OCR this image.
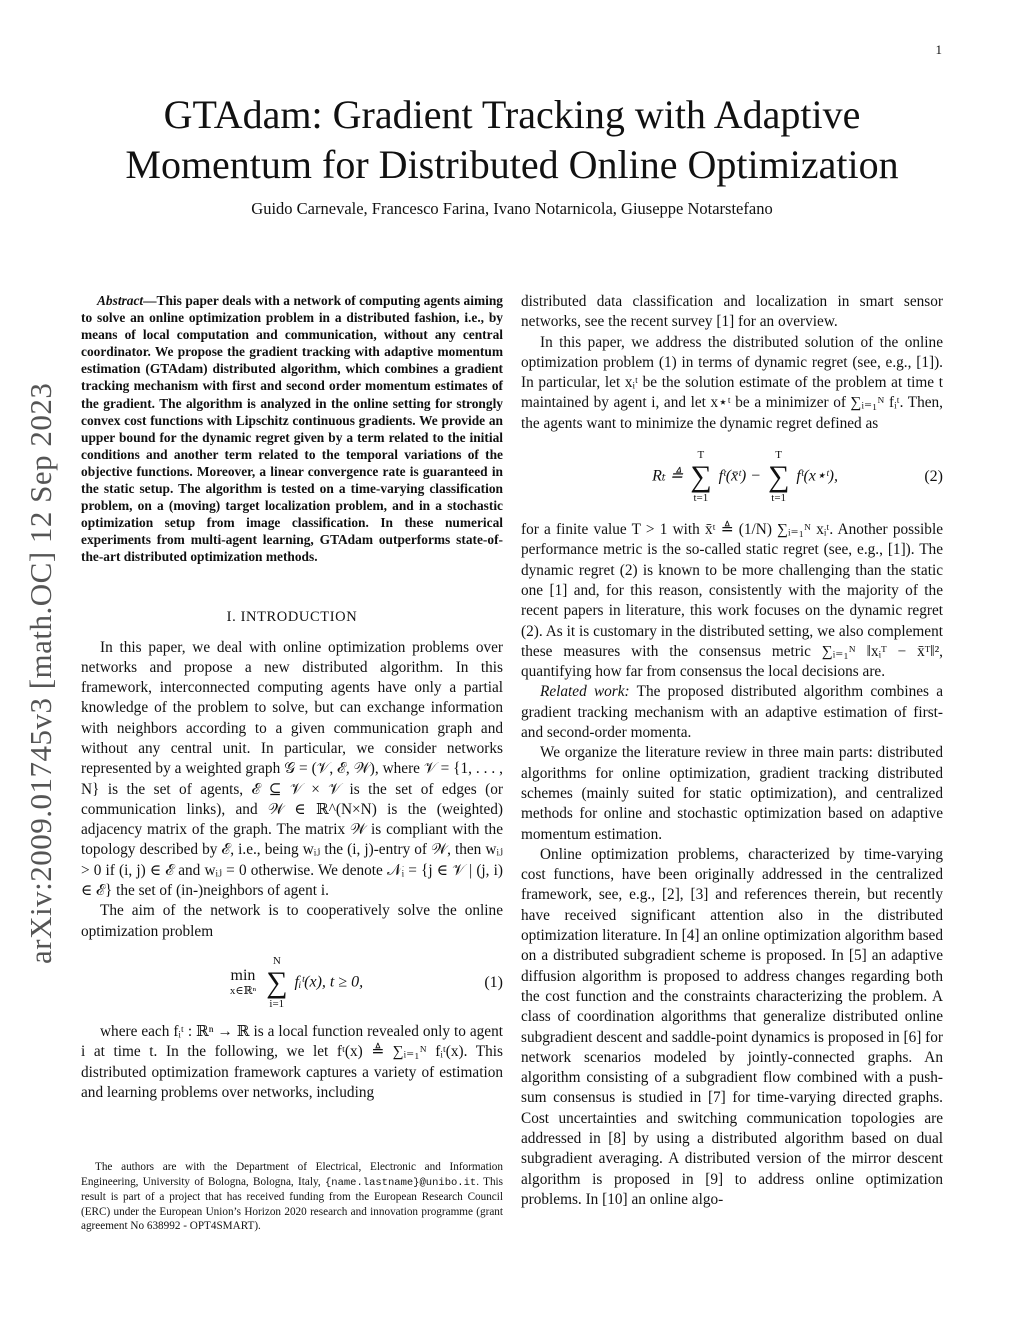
1
arXiv:2009.01745v3 [math.OC] 12 Sep 2023
GTAdam: Gradient Tracking with Adaptive Momentum for Distributed Online Optimization
Guido Carnevale, Francesco Farina, Ivano Notarnicola, Giuseppe Notarstefano

Abstract—This paper deals with a network of computing agents aiming to solve an online optimization problem in a distributed fashion, i.e., by means of local computation and communication, without any central coordinator. We propose the gradient tracking with adaptive momentum estimation (GTAdam) distributed algorithm, which combines a gradient tracking mechanism with first and second order momentum estimates of the gradient. The algorithm is analyzed in the online setting for strongly convex cost functions with Lipschitz continuous gradients. We provide an upper bound for the dynamic regret given by a term related to the initial conditions and another term related to the temporal variations of the objective functions. Moreover, a linear convergence rate is guaranteed in the static setup. The algorithm is tested on a time-varying classification problem, on a (moving) target localization problem, and in a stochastic optimization setup from image classification. In these numerical experiments from multi-agent learning, GTAdam outperforms state-of-the-art distributed optimization methods.

I. INTRODUCTION

In this paper, we deal with online optimization problems over networks and propose a new distributed algorithm. In this framework, interconnected computing agents have only a partial knowledge of the problem to solve, but can exchange information with neighbors according to a given communication graph and without any central unit. In particular, we consider networks represented by a weighted graph 𝒢 = (𝒱, ℰ, 𝒲), where 𝒱 = {1, . . . , N} is the set of agents, ℰ ⊆ 𝒱 × 𝒱 is the set of edges (or communication links), and 𝒲 ∈ ℝ^(N×N) is the (weighted) adjacency matrix of the graph. The matrix 𝒲 is compliant with the topology described by ℰ, i.e., being wᵢⱼ the (i, j)-entry of 𝒲, then wᵢⱼ > 0 if (i, j) ∈ ℰ and wᵢⱼ = 0 otherwise. We denote 𝒩ᵢ = {j ∈ 𝒱 | (j, i) ∈ ℰ} the set of (in-)neighbors of agent i.

The aim of the network is to cooperatively solve the online optimization problem

min
x∈ℝⁿ

N
∑
i=1
fᵢᵗ(x), t ≥ 0,	(1)

where each fᵢᵗ : ℝⁿ → ℝ is a local function revealed only to agent i at time t. In the following, we let fᵗ(x) ≜ ∑ᵢ₌₁ᴺ fᵢᵗ(x). This distributed optimization framework captures a variety of estimation and learning problems over networks, including

The authors are with the Department of Electrical, Electronic and Information Engineering, University of Bologna, Bologna, Italy, {name.lastname}@unibo.it. This result is part of a project that has received funding from the European Research Council (ERC) under the European Union’s Horizon 2020 research and innovation programme (grant agreement No 638992 - OPT4SMART).

distributed data classification and localization in smart sensor networks, see the recent survey [1] for an overview.

In this paper, we address the distributed solution of the online optimization problem (1) in terms of dynamic regret (see, e.g., [1]). In particular, let xᵢᵗ be the solution estimate of the problem at time t maintained by agent i, and let x⋆ᵗ be a minimizer of ∑ᵢ₌₁ᴺ fᵢᵗ. Then, the agents want to minimize the dynamic regret defined as

Rₜ ≜
T
∑
t=1
fᵗ(x̄ᵗ) −
T
∑
t=1
fᵗ(x⋆ᵗ),	(2)

for a finite value T > 1 with x̄ᵗ ≜ (1/N) ∑ᵢ₌₁ᴺ xᵢᵗ. Another possible performance metric is the so-called static regret (see, e.g., [1]). The dynamic regret (2) is known to be more challenging than the static one [1] and, for this reason, consistently with the majority of the recent papers in literature, this work focuses on the dynamic regret (2). As it is customary in the distributed setting, we also complement these measures with the consensus metric ∑ᵢ₌₁ᴺ ‖xᵢᵀ − x̄ᵀ‖², quantifying how far from consensus the local decisions are.

Related work: The proposed distributed algorithm combines a gradient tracking mechanism with an adaptive estimation of first- and second-order momenta.

We organize the literature review in three main parts: distributed algorithms for online optimization, gradient tracking distributed schemes (mainly suited for static optimization), and centralized methods for online and stochastic optimization based on adaptive momentum estimation.

Online optimization problems, characterized by time-varying cost functions, have been originally addressed in the centralized framework, see, e.g., [2], [3] and references therein, but recently have received significant attention also in the distributed optimization literature. In [4] an online optimization algorithm based on a distributed subgradient scheme is proposed. In [5] an adaptive diffusion algorithm is proposed to address changes regarding both the cost function and the constraints characterizing the problem. A class of coordination algorithms that generalize distributed online subgradient descent and saddle-point dynamics is proposed in [6] for network scenarios modeled by jointly-connected graphs. An algorithm consisting of a subgradient flow combined with a push-sum consensus is studied in [7] for time-varying directed graphs. Cost uncertainties and switching communication topologies are addressed in [8] by using a distributed algorithm based on dual subgradient averaging. A distributed version of the mirror descent algorithm is proposed in [9] to address online optimization problems. In [10] an online algo-
